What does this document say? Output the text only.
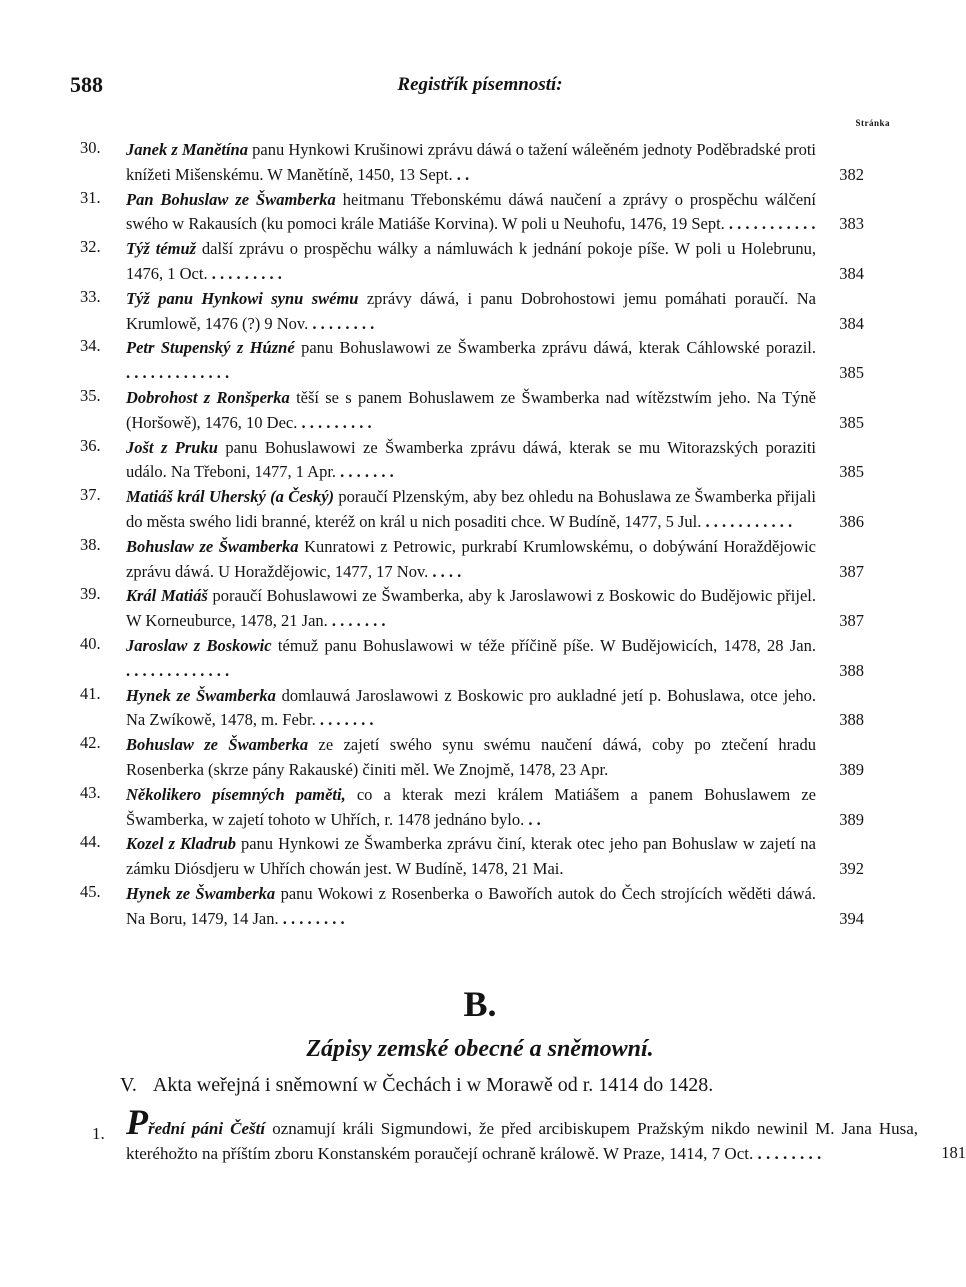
588	Registřík písemností:
Stránka
30. Janek z Manětína panu Hynkowi Krušinowi zprávu dáwá o tažení wáleěném jednoty Poděbradské proti knížeti Mišenskému. W Manětíně, 1450, 13 Sept. . .	382
31. Pan Bohuslaw ze Šwamberka heitmanu Třebonskému dáwá naučení a zprávy o prospěchu wálčení swého w Rakausích (ku pomoci krále Matiáše Korvina). W poli u Neuhofu, 1476, 19 Sept. . . . . . . . . . . . 383
32. Týž témuž další zprávu o prospěchu wálky a námluwách k jednání pokoje píše. W poli u Holebrunu, 1476, 1 Oct. . . . . . . . . .	384
33. Týž panu Hynkowi synu swému zprávy dáwá, i panu Dobrohostowi jemu pomáhati poraučí. Na Krumlowě, 1476 (?) 9 Nov. . . . . . . . .	384
34. Petr Stupenský z Húzné panu Bohuslawowi ze Šwamberka zprávu dáwá, kterak Cáhlowské porazil. . . . . . . . . . . . . .	385
35. Dobrohost z Ronšperka těší se s panem Bohuslawem ze Šwamberka nad wítězstwím jeho. Na Týně (Horšowě), 1476, 10 Dec. . . . . . . . . .	385
36. Jošt z Pruku panu Bohuslawowi ze Šwamberka zprávu dáwá, kterak se mu Witorazských poraziti událo. Na Třeboni, 1477, 1 Apr. . . . . . . .	385
37. Matiáš král Uherský (a Český) poraučí Plzenským, aby bez ohledu na Bohuslawa ze Šwamberka přijali do města swého lidi branné, kteréž on král u nich posaditi chce. W Budíně, 1477, 5 Jul. . . . . . . . . . . .	386
38. Bohuslaw ze Šwamberka Kunratowi z Petrowic, purkrabí Krumlowskému, o dobýwání Horaždějowic zprávu dáwá. U Horaždějowic, 1477, 17 Nov. . . . .	387
39. Král Matiáš poraučí Bohuslawowi ze Šwamberka, aby k Jaroslawowi z Boskowic do Budějowic přijel. W Korneuburce, 1478, 21 Jan. . . . . . . .	387
40. Jaroslaw z Boskowic témuž panu Bohuslawowi w téže příčině píše. W Budějowicích, 1478, 28 Jan. . . . . . . . . . . . . .	388
41. Hynek ze Šwamberka domlauwá Jaroslawowi z Boskowic pro aukladné jetí p. Bohuslawa, otce jeho. Na Zwíkowě, 1478, m. Febr. . . . . . . .	388
42. Bohuslaw ze Šwamberka ze zajetí swého synu swému naučení dáwá, coby po ztečení hradu Rosenberka (skrze pány Rakauské) činiti měl. We Znojmě, 1478, 23 Apr.	389
43. Několikero písemných paměti, co a kterak mezi králem Matiášem a panem Bohuslawem ze Šwamberka, w zajetí tohoto w Uhřích, r. 1478 jednáno bylo. . .	389
44. Kozel z Kladrub panu Hynkowi ze Šwamberka zprávu činí, kterak otec jeho pan Bohuslaw w zajetí na zámku Diósdjeru w Uhřích chowán jest. W Budíně, 1478, 21 Mai.	392
45. Hynek ze Šwamberka panu Wokowi z Rosenberka o Bawořích autok do Čech strojících wěděti dáwá. Na Boru, 1479, 14 Jan. . . . . . . . .	394
B.
Zápisy zemské obecné a sněmowní.
V. Akta weřejná i sněmowní w Čechách i w Morawě od r. 1414 do 1428.
1. Přední páni Čeští oznamují králi Sigmundowi, že před arcibiskupem Pražským nikdo newinil M. Jana Husa, kteréhožto na příštím zboru Konstanském poraučejí ochraně králowě. W Praze, 1414, 7 Oct. . . . . . . . .	181
